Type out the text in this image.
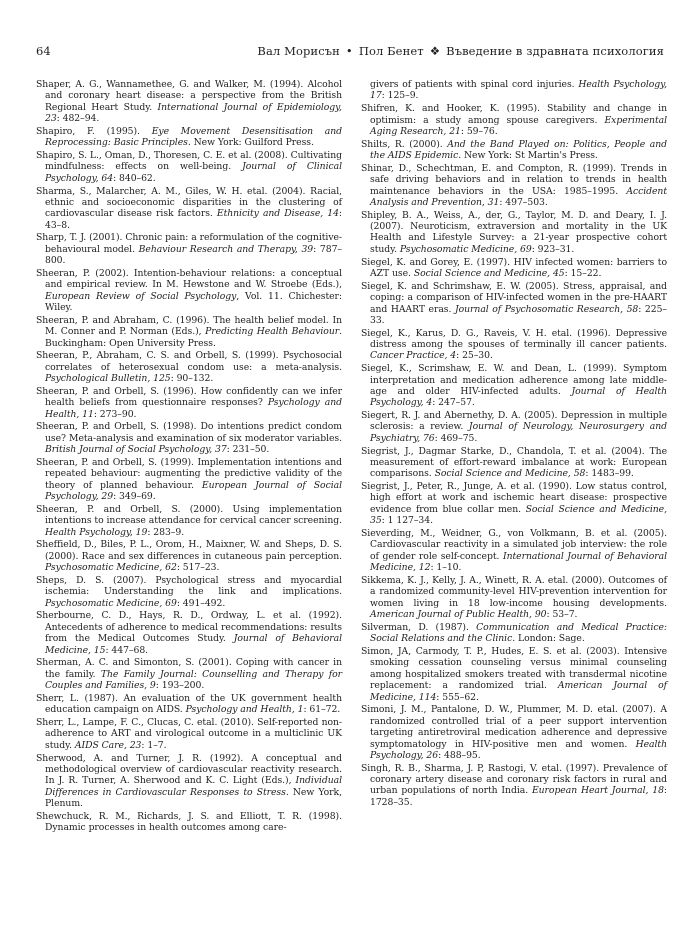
64	Вал Морисън • Пол Бенет ❖ Въведение в здравната психология

Shaper, A. G., Wannamethee, G. and Walker, M. (1994). Alcohol and coronary heart disease: a perspective from the British Regional Heart Study. International Journal of Epidemiology, 23: 482–94.

Shapiro, F. (1995). Eye Movement Desensitisation and Reprocessing: Basic Principles. New York: Guilford Press.

Shapiro, S. L., Oman, D., Thoresen, C. E. et al. (2008). Cultivating mindfulness: effects on well-being. Journal of Clinical Psychology, 64: 840–62.

Sharma, S., Malarcher, A. M., Giles, W. H. etal. (2004). Racial, ethnic and socioeconomic disparities in the clustering of cardiovascular disease risk factors. Ethnicity and Disease, 14: 43–8.

Sharp, T. J. (2001). Chronic pain: a reformulation of the cognitive-behavioural model. Behaviour Research and Therapy, 39: 787–800.

Sheeran, P. (2002). Intention-behaviour relations: a conceptual and empirical review. In M. Hewstone and W. Stroebe (Eds.), European Review of Social Psychology, Vol. 11. Chichester: Wiley.

Sheeran, P. and Abraham, C. (1996). The health belief model. In M. Conner and P. Norman (Eds.), Predicting Health Behaviour. Buckingham: Open University Press.

Sheeran, P., Abraham, C. S. and Orbell, S. (1999). Psychosocial correlates of heterosexual condom use: a meta-analysis. Psychological Bulletin, 125: 90–132.

Sheeran, P. and Orbell, S. (1996). How confidently can we infer health beliefs from questionnaire responses? Psychology and Health, 11: 273–90.

Sheeran, P. and Orbell, S. (1998). Do intentions predict condom use? Meta-analysis and examination of six moderator variables. British Journal of Social Psychology, 37: 231–50.

Sheeran, P. and Orbell, S. (1999). Implementation intentions and repeated behaviour: augmenting the predictive validity of the theory of planned behaviour. European Journal of Social Psychology, 29: 349–69.

Sheeran, P. and Orbell, S. (2000). Using implementation intentions to increase attendance for cervical cancer screening. Health Psychology, 19: 283–9.

Sheffield, D., Biles, P. L., Orom, H., Maixner, W. and Sheps, D. S. (2000). Race and sex differences in cutaneous pain perception. Psychosomatic Medicine, 62: 517–23.

Sheps, D. S. (2007). Psychological stress and myocardial ischemia: Understanding the link and implications. Psychosomatic Medicine, 69: 491–492.

Sherbourne, C. D., Hays, R. D., Ordway, L. et al. (1992). Antecedents of adherence to medical recommendations: results from the Medical Outcomes Study. Journal of Behavioral Medicine, 15: 447–68.

Sherman, A. C. and Simonton, S. (2001). Coping with cancer in the family. The Family Journal: Counselling and Therapy for Couples and Families, 9: 193–200.

Sherr, L. (1987). An evaluation of the UK government health education campaign on AIDS. Psychology and Health, 1: 61–72.

Sherr, L., Lampe, F. C., Clucas, C. etal. (2010). Self-reported non-adherence to ART and virological outcome in a multiclinic UK study. AIDS Care, 23: 1–7.

Sherwood, A. and Turner, J. R. (1992). A conceptual and methodological overview of cardiovascular reactivity research. In J. R. Turner, A. Sherwood and K. C. Light (Eds.), Individual Differences in Cardiovascular Responses to Stress. New York, Plenum.

Shewchuck, R. M., Richards, J. S. and Elliott, T. R. (1998). Dynamic processes in health outcomes among care-

givers of patients with spinal cord injuries. Health Psychology, 17: 125–9.

Shifren, K. and Hooker, K. (1995). Stability and change in optimism: a study among spouse caregivers. Experimental Aging Research, 21: 59–76.

Shilts, R. (2000). And the Band Played on: Politics, People and the AIDS Epidemic. New York: St Martin's Press.

Shinar, D., Schechtman, E. and Compton, R. (1999). Trends in safe driving behaviors and in relation to trends in health maintenance behaviors in the USA: 1985–1995. Accident Analysis and Prevention, 31: 497–503.

Shipley, B. A., Weiss, A., der, G., Taylor, M. D. and Deary, I. J. (2007). Neuroticism, extraversion and mortality in the UK Health and Lifestyle Survey: a 21-year prospective cohort study. Psychosomatic Medicine, 69: 923–31.

Siegel, K. and Gorey, E. (1997). HIV infected women: barriers to AZT use. Social Science and Medicine, 45: 15–22.

Siegel, K. and Schrimshaw, E. W. (2005). Stress, appraisal, and coping: a comparison of HIV-infected women in the pre-HAART and HAART eras. Journal of Psychosomatic Research, 58: 225–33.

Siegel, K., Karus, D. G., Raveis, V. H. etal. (1996). Depressive distress among the spouses of terminally ill cancer patients. Cancer Practice, 4: 25–30.

Siegel, K., Scrimshaw, E. W. and Dean, L. (1999). Symptom interpretation and medication adherence among late middle-age and older HIV-infected adults. Journal of Health Psychology, 4: 247–57.

Siegert, R. J. and Abernethy, D. A. (2005). Depression in multiple sclerosis: a review. Journal of Neurology, Neurosurgery and Psychiatry, 76: 469–75.

Siegrist, J., Dagmar Starke, D., Chandola, T. et al. (2004). The measurement of effort-reward imbalance at work: European comparisons. Social Science and Medicine, 58: 1483–99.

Siegrist, J., Peter, R., Junge, A. et al. (1990). Low status control, high effort at work and ischemic heart disease: prospective evidence from blue collar men. Social Science and Medicine, 35: 1 127–34.

Sieverding, M., Weidner, G., von Volkmann, B. et al. (2005). Cardiovascular reactivity in a simulated job interview: the role of gender role self-concept. International Journal of Behavioral Medicine, 12: 1–10.

Sikkema, K. J., Kelly, J. A., Winett, R. A. etal. (2000). Outcomes of a randomized community-level HIV-prevention intervention for women living in 18 low-income housing developments. American Journal of Public Health, 90: 53–7.

Silverman, D. (1987). Communication and Medical Practice: Social Relations and the Clinic. London: Sage.

Simon, JA, Carmody, T. P., Hudes, E. S. et al. (2003). Intensive smoking cessation counseling versus minimal counseling among hospitalized smokers treated with transdermal nicotine replacement: a randomized trial. American Journal of Medicine, 114: 555–62.

Simoni, J. M., Pantalone, D. W., Plummer, M. D. etal. (2007). A randomized controlled trial of a peer support intervention targeting antiretroviral medication adherence and depressive symptomatology in HIV-positive men and women. Health Psychology, 26: 488–95.

Singh, R. B., Sharma, J. P, Rastogi, V. etal. (1997). Prevalence of coronary artery disease and coronary risk factors in rural and urban populations of north India. European Heart Journal, 18: 1728–35.
